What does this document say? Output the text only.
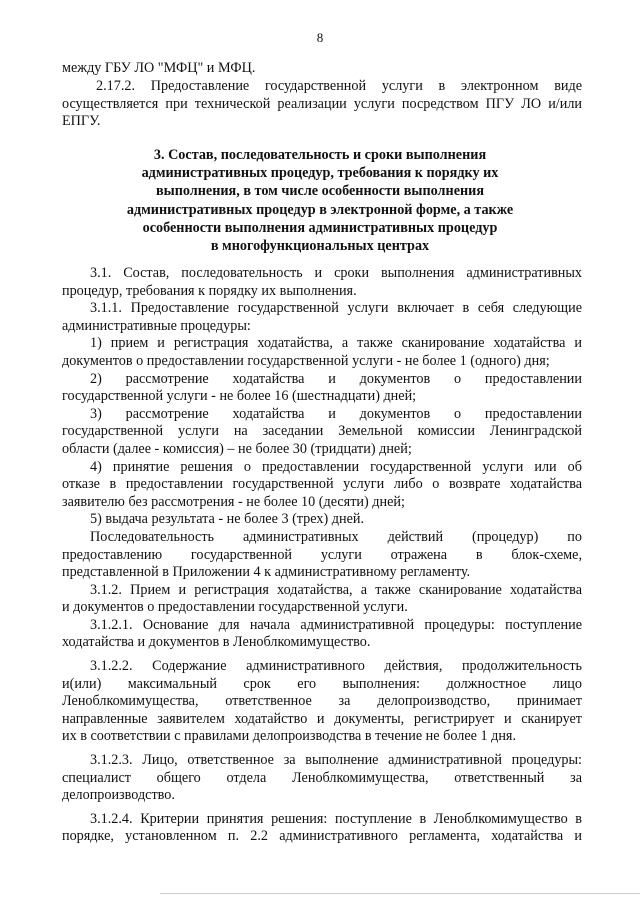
8
между ГБУ ЛО "МФЦ" и МФЦ.
2.17.2. Предоставление государственной услуги в электронном виде
осуществляется при технической реализации услуги посредством ПГУ ЛО и/или
ЕПГУ.
3. Состав, последовательность и сроки выполнения
административных процедур, требования к порядку их
выполнения, в том числе особенности выполнения
административных процедур в электронной форме, а также
особенности выполнения административных процедур
в многофункциональных центрах
3.1. Состав, последовательность и сроки выполнения административных
процедур, требования к порядку их выполнения.
3.1.1. Предоставление государственной услуги включает в себя следующие
административные процедуры:
1) прием и регистрация ходатайства, а также сканирование ходатайства и
документов о предоставлении государственной услуги - не более 1 (одного) дня;
2) рассмотрение ходатайства и документов о предоставлении
государственной услуги - не более 16 (шестнадцати) дней;
3) рассмотрение ходатайства и документов о предоставлении
государственной услуги на заседании Земельной комиссии Ленинградской
области (далее - комиссия) – не более 30 (тридцати) дней;
4) принятие решения о предоставлении государственной услуги или об
отказе в предоставлении государственной услуги либо о возврате ходатайства
заявителю без рассмотрения - не более 10 (десяти) дней;
5) выдача результата - не более 3 (трех) дней.
Последовательность административных действий (процедур) по
предоставлению государственной услуги отражена в блок-схеме,
представленной в Приложении 4 к административному регламенту.
3.1.2. Прием и регистрация ходатайства, а также сканирование ходатайства
и документов о предоставлении государственной услуги.
3.1.2.1. Основание для начала административной процедуры: поступление
ходатайства и документов в Леноблкомимущество.
3.1.2.2. Содержание административного действия, продолжительность
и(или) максимальный срок его выполнения: должностное лицо
Леноблкомимущества, ответственное за делопроизводство, принимает
направленные заявителем ходатайство и документы, регистрирует и сканирует
их в соответствии с правилами делопроизводства в течение не более 1 дня.
3.1.2.3. Лицо, ответственное за выполнение административной процедуры:
специалист общего отдела Леноблкомимущества, ответственный за
делопроизводство.
3.1.2.4. Критерии принятия решения: поступление в Леноблкомимущество в
порядке, установленном п. 2.2 административного регламента, ходатайства и
